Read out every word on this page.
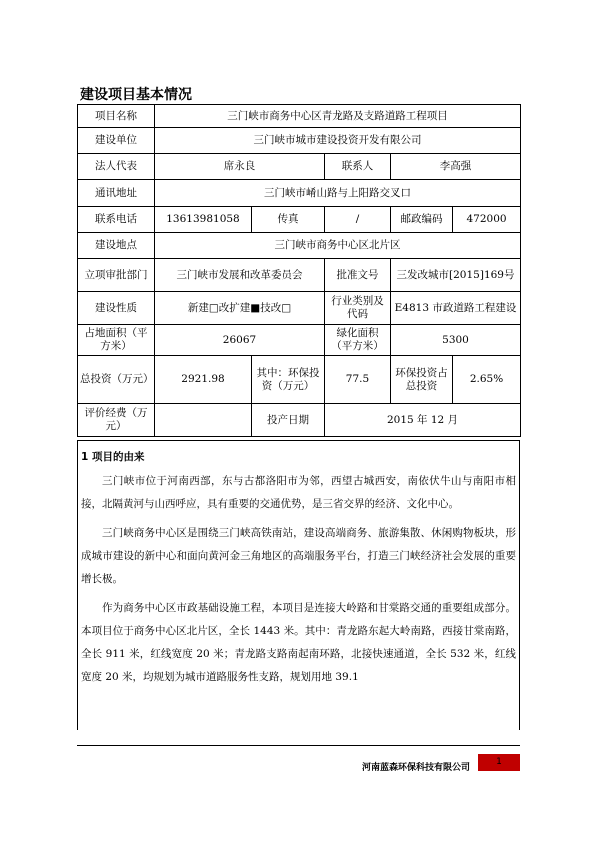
建设项目基本情况
项目名称	三门峡市商务中心区青龙路及支路道路工程项目				
建设单位	三门峡市城市建设投资开发有限公司				
法人代表	席永良		联系人	李高强	
通讯地址	三门峡市崤山路与上阳路交叉口				
联系电话	13613981058	传真	/	邮政编码	472000
建设地点	三门峡市商务中心区北片区				
立项审批部门	三门峡市发展和改革委员会		批准文号	三发改城市[2015]169号	
建设性质	新建□改扩建■技改□		行业类别及代码	E4813 市政道路工程建设	
占地面积（平方米）	26067		绿化面积（平方米）	5300	
总投资（万元）	2921.98	其中：环保投资（万元）	77.5	环保投资占总投资	2.65%
评价经费（万元）		投产日期	2015 年 12 月		
1 项目的由来

三门峡市位于河南西部，东与古都洛阳市为邻，西望古城西安，南依伏牛山与南阳市相接，北隔黄河与山西呼应，具有重要的交通优势，是三省交界的经济、文化中心。

三门峡商务中心区是围绕三门峡高铁南站，建设高端商务、旅游集散、休闲购物板块，形成城市建设的新中心和面向黄河金三角地区的高端服务平台，打造三门峡经济社会发展的重要增长极。

作为商务中心区市政基础设施工程，本项目是连接大岭路和甘棠路交通的重要组成部分。本项目位于商务中心区北片区，全长 1443 米。其中：青龙路东起大岭南路，西接甘棠南路，全长 911 米，红线宽度 20 米；青龙路支路南起南环路，北接快速通道，全长 532 米，红线宽度 20 米，均规划为城市道路服务性支路，规划用地 39.1

河南蓝森环保科技有限公司
1
